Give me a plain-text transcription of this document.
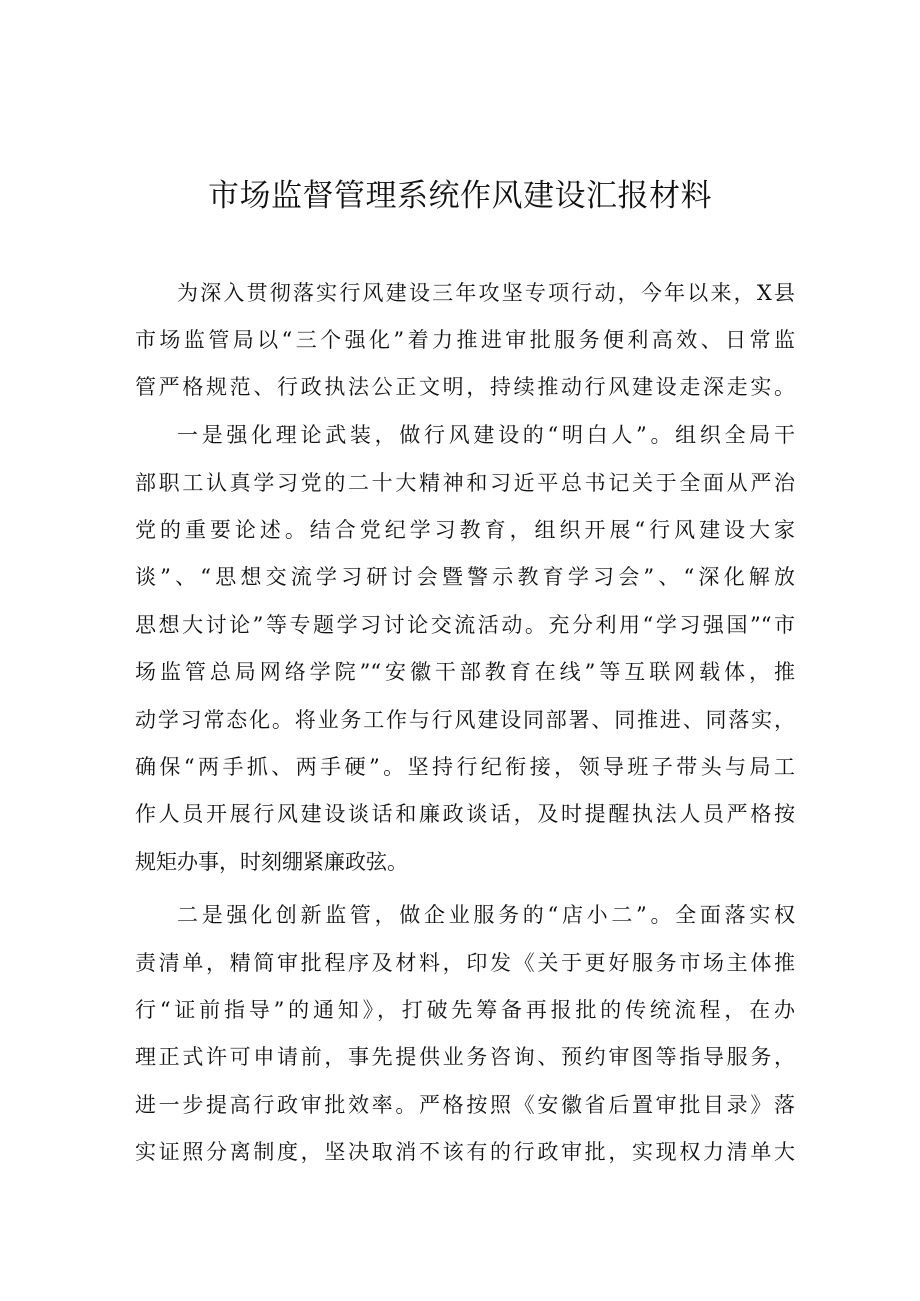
市场监督管理系统作风建设汇报材料

为深入贯彻落实行风建设三年攻坚专项行动，今年以来，X县

市场监管局以“三个强化”着力推进审批服务便利高效、日常监

管严格规范、行政执法公正文明，持续推动行风建设走深走实。

一是强化理论武装，做行风建设的“明白人”。组织全局干

部职工认真学习党的二十大精神和习近平总书记关于全面从严治

党的重要论述。结合党纪学习教育，组织开展“行风建设大家

谈”、“思想交流学习研讨会暨警示教育学习会”、“深化解放

思想大讨论”等专题学习讨论交流活动。充分利用“学习强国”“市

场监管总局网络学院”“安徽干部教育在线”等互联网载体，推

动学习常态化。将业务工作与行风建设同部署、同推进、同落实，

确保“两手抓、两手硬”。坚持行纪衔接，领导班子带头与局工

作人员开展行风建设谈话和廉政谈话，及时提醒执法人员严格按

规矩办事，时刻绷紧廉政弦。

二是强化创新监管，做企业服务的“店小二”。全面落实权

责清单，精简审批程序及材料，印发《关于更好服务市场主体推

行“证前指导”的通知》，打破先筹备再报批的传统流程，在办

理正式许可申请前，事先提供业务咨询、预约审图等指导服务，

进一步提高行政审批效率。严格按照《安徽省后置审批目录》落

实证照分离制度，坚决取消不该有的行政审批，实现权力清单大
